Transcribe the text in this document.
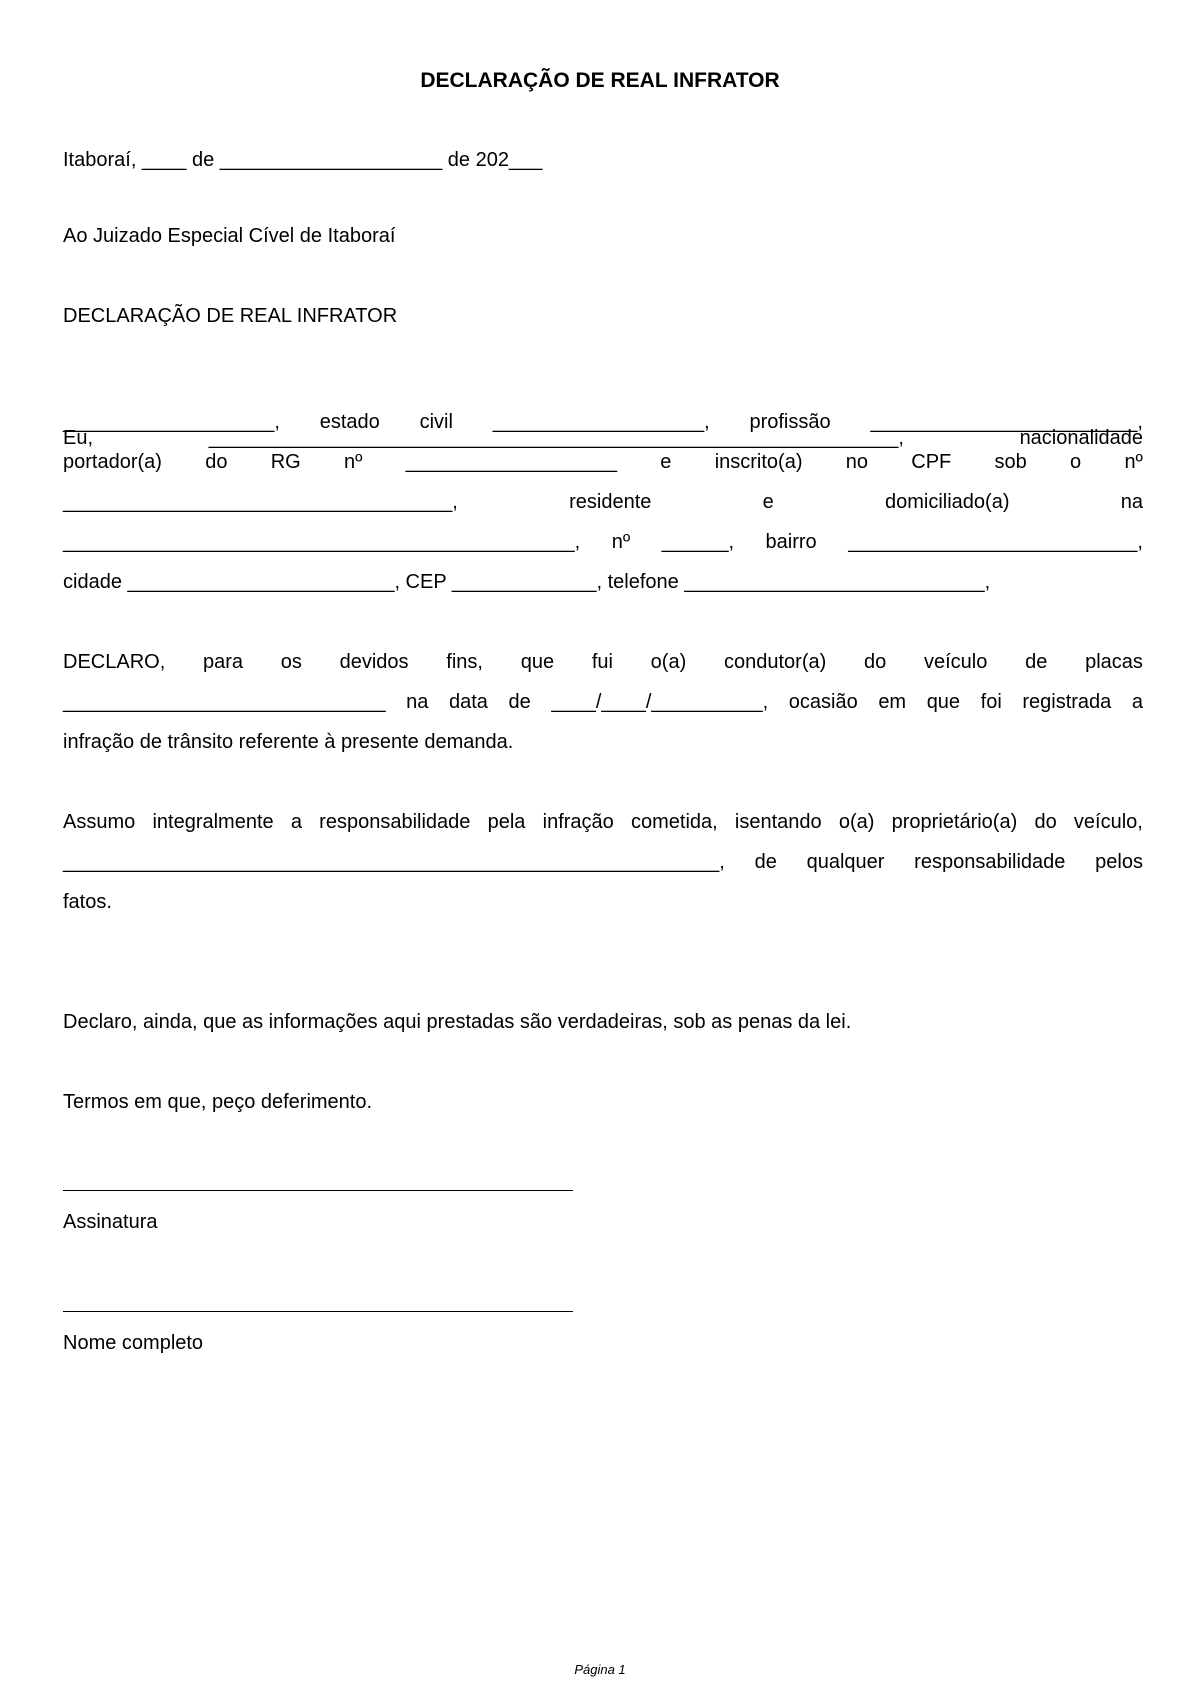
DECLARAÇÃO DE REAL INFRATOR
Itaboraí, ____ de ____________________ de 202___
Ao Juizado Especial Cível de Itaboraí
DECLARAÇÃO DE REAL INFRATOR

Eu,	______________________________________________________________,	nacionalidade

___________________, estado civil ___________________, profissão ________________________,
portador(a) do RG nº ___________________ e inscrito(a) no CPF sob o nº
___________________________________,	residente	e	domiciliado(a)	na
______________________________________________, nº ______, bairro __________________________,
cidade ________________________, CEP _____________, telefone ___________________________,
DECLARO, para os devidos fins, que fui o(a) condutor(a) do veículo de placas
_____________________________ na data de ____/____/__________, ocasião em que foi registrada a
infração de trânsito referente à presente demanda.
Assumo integralmente a responsabilidade pela infração cometida, isentando o(a) proprietário(a) do veículo,
___________________________________________________________, de qualquer responsabilidade pelos
fatos.
Declaro, ainda, que as informações aqui prestadas são verdadeiras, sob as penas da lei.
Termos em que, peço deferimento.
Assinatura
Nome completo
Página 1
